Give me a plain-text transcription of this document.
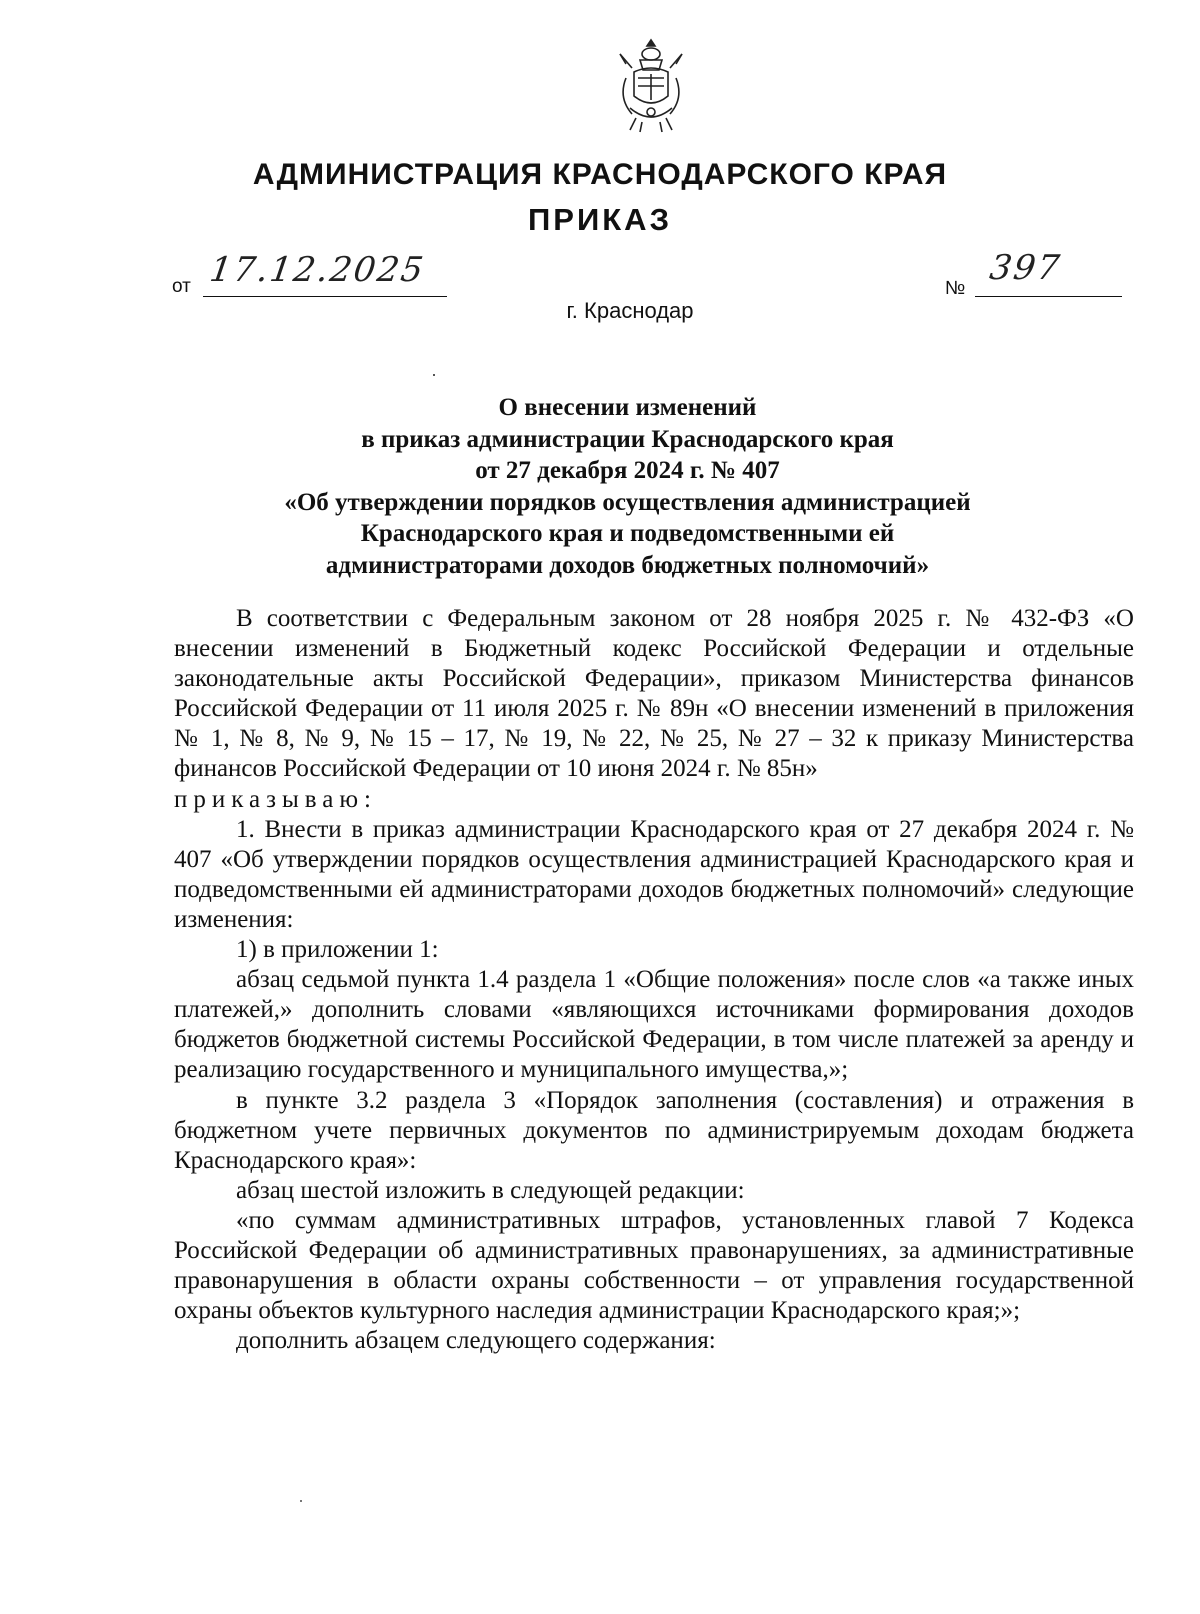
АДМИНИСТРАЦИЯ КРАСНОДАРСКОГО КРАЯ
ПРИКАЗ
от 17.12.2025	№
397
г. Краснодар
О внесении изменений
в приказ администрации Краснодарского края
от 27 декабря 2024 г. № 407
«Об утверждении порядков осуществления администрацией
Краснодарского края и подведомственными ей
администраторами доходов бюджетных полномочий»

В соответствии с Федеральным законом от 28 ноября 2025 г. № 432-ФЗ «О внесении изменений в Бюджетный кодекс Российской Федерации и отдельные законодательные акты Российской Федерации», приказом Министерства финансов Российской Федерации от 11 июля 2025 г. № 89н «О внесении изменений в приложения № 1, № 8, № 9, № 15 – 17, № 19, № 22, № 25, № 27 – 32 к приказу Министерства финансов Российской Федерации от 10 июня 2024 г. № 85н»

приказываю:

1. Внести в приказ администрации Краснодарского края от 27 декабря 2024 г. № 407 «Об утверждении порядков осуществления администрацией Краснодарского края и подведомственными ей администраторами доходов бюджетных полномочий» следующие изменения:

1) в приложении 1:

абзац седьмой пункта 1.4 раздела 1 «Общие положения» после слов «а также иных платежей,» дополнить словами «являющихся источниками формирования доходов бюджетов бюджетной системы Российской Федерации, в том числе платежей за аренду и реализацию государственного и муниципального имущества,»;

в пункте 3.2 раздела 3 «Порядок заполнения (составления) и отражения в бюджетном учете первичных документов по администрируемым доходам бюджета Краснодарского края»:

абзац шестой изложить в следующей редакции:

«по суммам административных штрафов, установленных главой 7 Кодекса Российской Федерации об административных правонарушениях, за административные правонарушения в области охраны собственности – от управления государственной охраны объектов культурного наследия администрации Краснодарского края;»;

дополнить абзацем следующего содержания:
